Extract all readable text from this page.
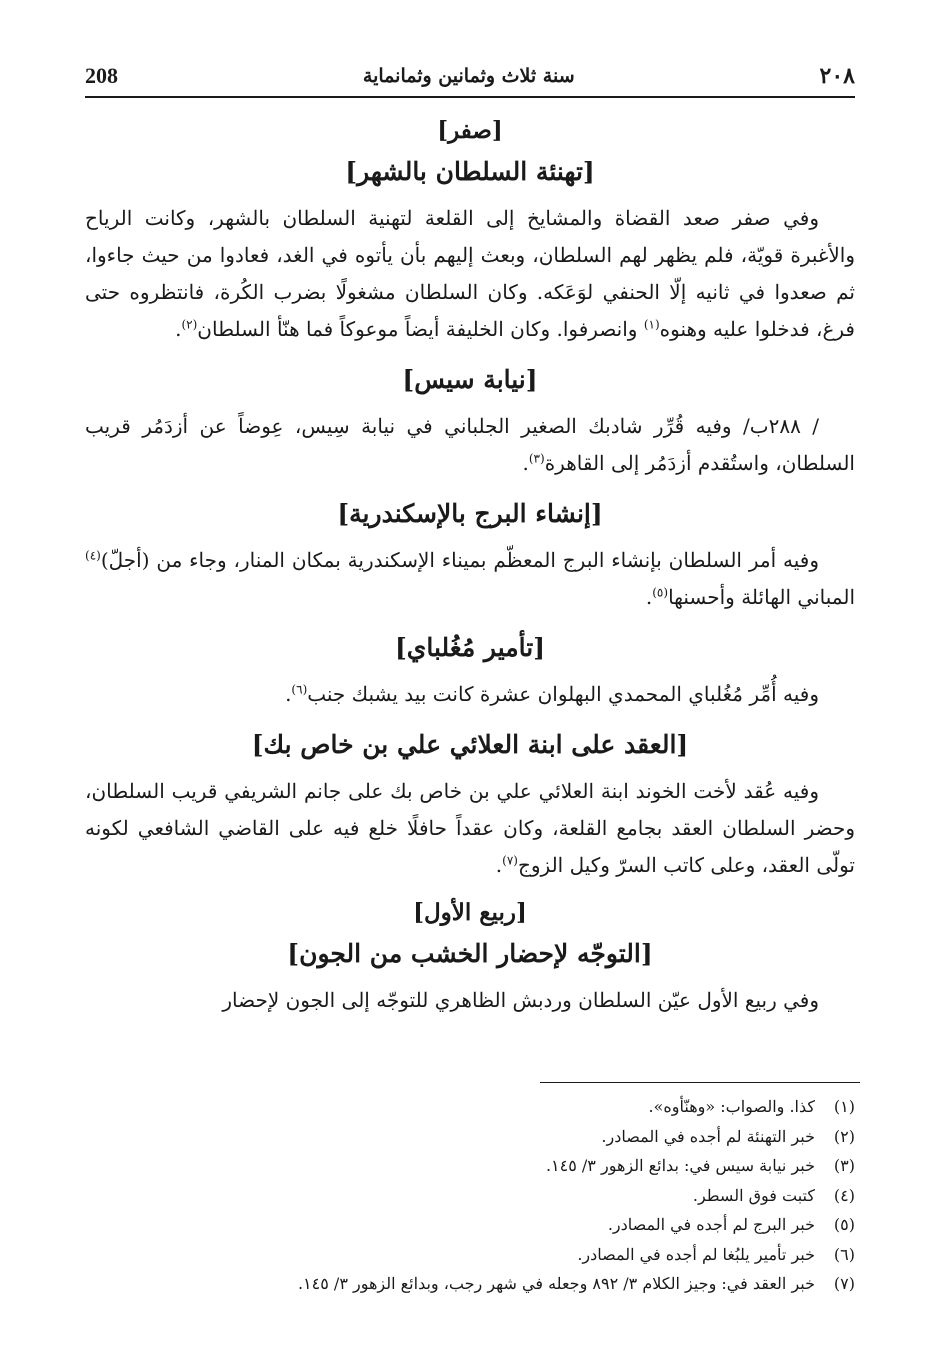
٢٠٨
سنة ثلاث وثمانين وثمانماية
208
[صفر]
[تهنئة السلطان بالشهر]

وفي صفر صعد القضاة والمشايخ إلى القلعة لتهنية السلطان بالشهر، وكانت الرياح والأغبرة قويّة، فلم يظهر لهم السلطان، وبعث إليهم بأن يأتوه في الغد، فعادوا من حيث جاءوا، ثم صعدوا في ثانيه إلّا الحنفي لوَعَكه. وكان السلطان مشغولًا بضرب الكُرة، فانتظروه حتى فرغ، فدخلوا عليه وهنوه$^{(١)}$ وانصرفوا. وكان الخليفة أيضاً موعوكاً فما هنّأ السلطان$^{(٢)}$.

[نيابة سيس]

/ ٢٨٨ب/ وفيه قُرِّر شادبك الصغير الجلباني في نيابة سِيس، عِوضاً عن أزدَمُر قريب السلطان، واستُقدم أزدَمُر إلى القاهرة$^{(٣)}$.

[إنشاء البرج بالإسكندرية]

وفيه أمر السلطان بإنشاء البرج المعظّم بميناء الإسكندرية بمكان المنار، وجاء من (أجلّ)$^{(٤)}$ المباني الهائلة وأحسنها$^{(٥)}$.

[تأمير مُغُلباي]

وفيه أُمِّر مُغُلباي المحمدي البهلوان عشرة كانت بيد يشبك جنب$^{(٦)}$.

[العقد على ابنة العلائي علي بن خاص بك]

وفيه عُقد لأخت الخوند ابنة العلائي علي بن خاص بك على جانم الشريفي قريب السلطان، وحضر السلطان العقد بجامع القلعة، وكان عقداً حافلًا خلع فيه على القاضي الشافعي لكونه تولّى العقد، وعلى كاتب السرّ وكيل الزوج$^{(٧)}$.

[ربيع الأول]
[التوجّه لإحضار الخشب من الجون]

وفي ربيع الأول عيّن السلطان وردبش الظاهري للتوجّه إلى الجون لإحضار

(١)
كذا. والصواب: «وهنّأوه».
(٢)
خبر التهنئة لم أجده في المصادر.
(٣)
خبر نيابة سيس في: بدائع الزهور ٣/ ١٤٥.
(٤)
كتبت فوق السطر.
(٥)
خبر البرج لم أجده في المصادر.
(٦)
خبر تأمير يلبُغا لم أجده في المصادر.
(٧)
خبر العقد في: وجيز الكلام ٣/ ٨٩٢ وجعله في شهر رجب، وبدائع الزهور ٣/ ١٤٥.
